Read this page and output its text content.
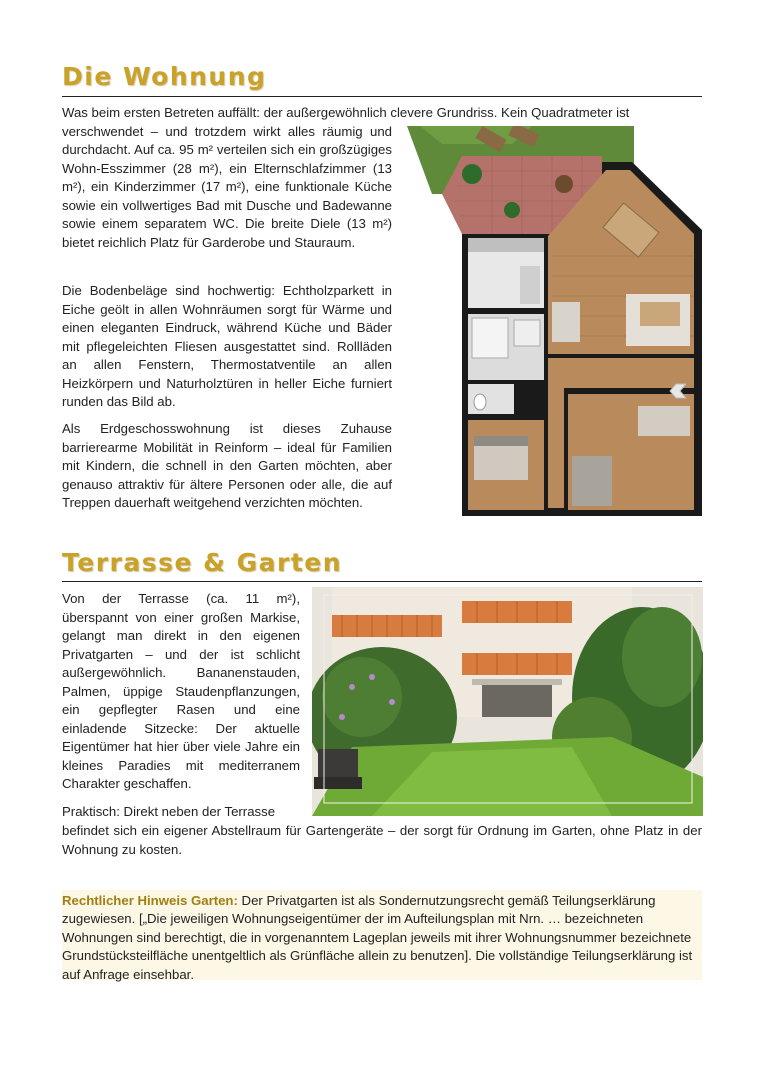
Die Wohnung

Was beim ersten Betreten auffällt: der außergewöhnlich clevere Grundriss. Kein Quadratmeter ist

verschwendet – und trotzdem wirkt alles räumig und durchdacht. Auf ca. 95 m² verteilen sich ein großzügiges Wohn-Esszimmer (28 m²), ein Elternschlafzimmer (13 m²), ein Kinderzimmer (17 m²), eine funktionale Küche sowie ein vollwertiges Bad mit Dusche und Badewanne sowie einem separatem WC. Die breite Diele (13 m²) bietet reichlich Platz für Garderobe und Stauraum.

Die Bodenbeläge sind hochwertig: Echtholzparkett in Eiche geölt in allen Wohnräumen sorgt für Wärme und einen eleganten Eindruck, während Küche und Bäder mit pflegeleichten Fliesen ausgestattet sind. Rollläden an allen Fenstern, Thermostatventile an allen Heizkörpern und Naturholztüren in heller Eiche furniert runden das Bild ab.

Als Erdgeschosswohnung ist dieses Zuhause barrierearme Mobilität in Reinform – ideal für Familien mit Kindern, die schnell in den Garten möchten, aber genauso attraktiv für ältere Personen oder alle, die auf Treppen dauerhaft weitgehend verzichten möchten.

Terrasse & Garten

Von der Terrasse (ca. 11 m²), überspannt von einer großen Markise, gelangt man direkt in den eigenen Privatgarten – und der ist schlicht außergewöhnlich. Bananenstauden, Palmen, üppige Staudenpflanzungen, ein gepflegter Rasen und eine einladende Sitzecke: Der aktuelle Eigentümer hat hier über viele Jahre ein kleines Paradies mit mediterranem Charakter geschaffen.

Praktisch: Direkt neben der Terrasse

befindet sich ein eigener Abstellraum für Gartengeräte – der sorgt für Ordnung im Garten, ohne Platz in der Wohnung zu kosten.

Rechtlicher Hinweis Garten: Der Privatgarten ist als Sondernutzungsrecht gemäß Teilungserklärung zugewiesen. [„Die jeweiligen Wohnungseigentümer der im Aufteilungsplan mit Nrn. … bezeichneten Wohnungen sind berechtigt, die in vorgenanntem Lageplan jeweils mit ihrer Wohnungsnummer bezeichnete Grundstücksteilfläche unentgeltlich als Grünfläche allein zu benutzen]. Die vollständige Teilungserklärung ist auf Anfrage einsehbar.
